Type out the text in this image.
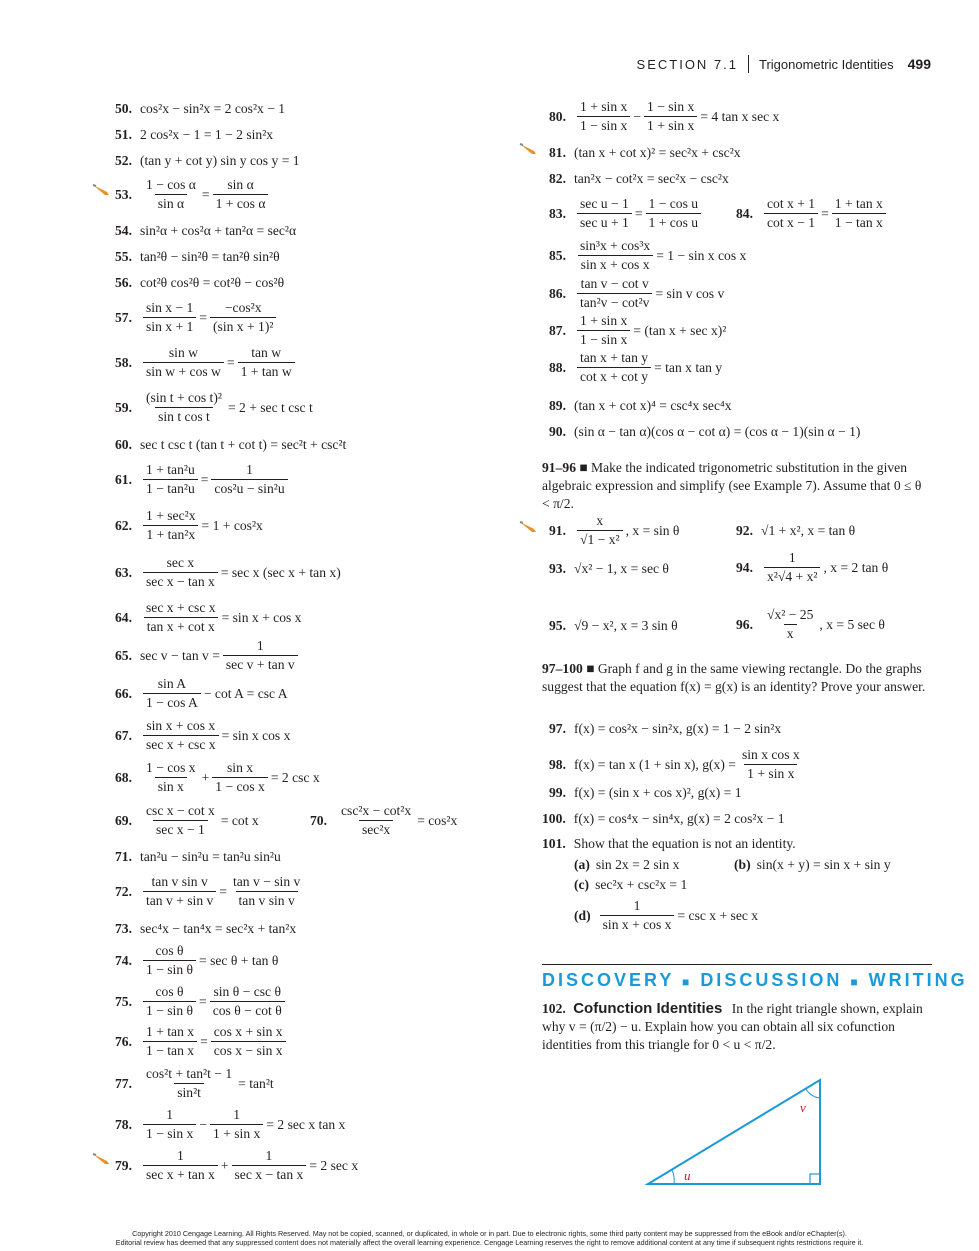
SECTION 7.1 Trigonometric Identities 499
50. cos²x − sin²x = 2 cos²x − 1
51. 2 cos²x − 1 = 1 − 2 sin²x
52. (tan y + cot y) sin y cos y = 1
53. $\frac{\text{1 − cos α}}{\text{sin α}} = \frac{\text{sin α}}{\text{1 + cos α}}$
54. sin²α + cos²α + tan²α = sec²α
55. tan²θ − sin²θ = tan²θ sin²θ
56. cot²θ cos²θ = cot²θ − cos²θ
57. $\frac{\text{sin x − 1}}{\text{sin x + 1}} = \frac{\text{−cos²x}}{\text{(sin x + 1)²}}$
58. $\frac{\text{sin w}}{\text{sin w + cos w}} = \frac{\text{tan w}}{\text{1 + tan w}}$
59. $\frac{\text{(sin t + cos t)²}}{\text{sin t cos t}} = 2 + \sec t$ csc t
60. sec t csc t (tan t + cot t) = sec²t + csc²t
61. $\frac{\text{1 + tan²u}}{\text{1 − tan²u}} = \frac{1}{\text{cos²u − sin²u}}$
62. $\frac{\text{1 + sec²x}}{\text{1 + tan²x}} = 1 + \cos^2x$
63. $\frac{\text{sec x}}{\text{sec x − tan x}} = \sec x$ (sec x + tan x)
64. $\frac{\text{sec x + csc x}}{\text{tan x + cot x}} = \sin x + \cos x$
65. $\sec v - \tan v = \frac{1}{\text{sec v + tan v}}$
66. $\frac{\text{sin A}}{\text{1 − cos A}} - \cot A = \csc A$
67. $\frac{\text{sin x + cos x}}{\text{sec x + csc x}} = \sin x$ cos x
68. $\frac{\text{1 − cos x}}{\text{sin x}} + \frac{\text{sin x}}{\text{1 − cos x}} = 2$ csc x
69. $\frac{\text{csc x − cot x}}{\text{sec x − 1}} = \cot x$	70. $\frac{\text{csc²x − cot²x}}{\text{sec²x}} = \cos^2x$
71. tan²u − sin²u = tan²u sin²u
72. $\frac{\text{tan v sin v}}{\text{tan v + sin v}} = \frac{\text{tan v − sin v}}{\text{tan v sin v}}$
73. sec⁴x − tan⁴x = sec²x + tan²x
74. $\frac{\text{cos θ}}{\text{1 − sin θ}} = \sec \theta + \tan \theta$
75. $\frac{\text{cos θ}}{\text{1 − sin θ}} = \frac{\text{sin θ − csc θ}}{\text{cos θ − cot θ}}$
76. $\frac{\text{1 + tan x}}{\text{1 − tan x}} = \frac{\text{cos x + sin x}}{\text{cos x − sin x}}$
77. $\frac{\text{cos²t + tan²t − 1}}{\text{sin²t}} = \tan^2t$
78. $\frac{1}{\text{1 − sin x}} - \frac{1}{\text{1 + sin x}} = 2$ sec x tan x
79. $\frac{1}{\text{sec x + tan x}} + \frac{1}{\text{sec x − tan x}} = 2$ sec x
80. $\frac{\text{1 + sin x}}{\text{1 − sin x}} - \frac{\text{1 − sin x}}{\text{1 + sin x}} = 4$ tan x sec x
81. (tan x + cot x)² = sec²x + csc²x
82. tan²x − cot²x = sec²x − csc²x
83. $\frac{\text{sec u − 1}}{\text{sec u + 1}} = \frac{\text{1 − cos u}}{\text{1 + cos u}}$	84. $\frac{\text{cot x + 1}}{\text{cot x − 1}} = \frac{\text{1 + tan x}}{\text{1 − tan x}}$
85. $\frac{\text{sin³x + cos³x}}{\text{sin x + cos x}} = 1 - \sin x$ cos x
86. $\frac{\text{tan v − cot v}}{\text{tan²v − cot²v}} = \sin v$ cos v
87. $\frac{\text{1 + sin x}}{\text{1 − sin x}} = (\tan$ x + sec x)²
88. $\frac{\text{tan x + tan y}}{\text{cot x + cot y}} = \tan x$ tan y
89. (tan x + cot x)⁴ = csc⁴x sec⁴x
90. (sin α − tan α)(cos α − cot α) = (cos α − 1)(sin α − 1)
91–96 ■ Make the indicated trigonometric substitution in the given algebraic expression and simplify (see Example 7). Assume that 0 ≤ θ < π/2.
91. $\frac{x}{\text{√1 − x²}}$ , x = sin θ	92. √1 + x², x = tan θ
93. √x² − 1, x = sec θ	94. $\frac{1}{\text{x²√4 + x²}}$ , x = 2 tan θ
95. √9 − x², x = 3 sin θ	96. $\frac{\text{√x² − 25}}{x}$ , x = 5 sec θ
97–100 ■ Graph f and g in the same viewing rectangle. Do the graphs suggest that the equation f(x) = g(x) is an identity? Prove your answer.
97. f(x) = cos²x − sin²x, g(x) = 1 − 2 sin²x
98. f(x) = tan x (1 + sin x), $g(x) = \frac{\text{sin x cos x}}{\text{1 + sin x}}$
99. f(x) = (sin x + cos x)², g(x) = 1
100. f(x) = cos⁴x − sin⁴x, g(x) = 2 cos²x − 1
101. Show that the equation is not an identity.
(a) sin 2x = 2 sin x	(b) sin(x + y) = sin x + sin y
(c) sec²x + csc²x = 1
$(d) \frac{1}{\text{sin x + cos x}} = \csc x + \sec x$
DISCOVERY ■ DISCUSSION ■ WRITING
102. Cofunction Identities In the right triangle shown, explain why v = (π/2) − u. Explain how you can obtain all six cofunction identities from this triangle for 0 < u < π/2.
u
v
Copyright 2010 Cengage Learning. All Rights Reserved. May not be copied, scanned, or duplicated, in whole or in part. Due to electronic rights, some third party content may be suppressed from the eBook and/or eChapter(s).
Editorial review has deemed that any suppressed content does not materially affect the overall learning experience. Cengage Learning reserves the right to remove additional content at any time if subsequent rights restrictions require it.
